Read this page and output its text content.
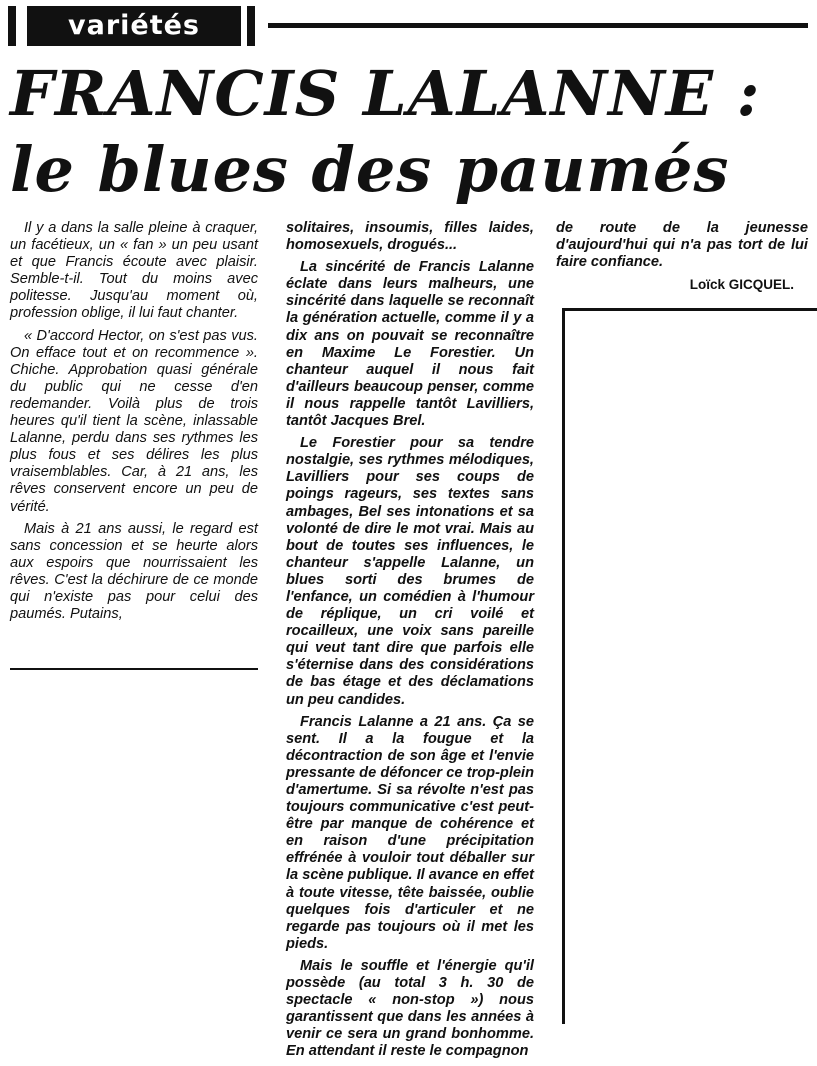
variétés
FRANCIS LALANNE :
le blues des paumés

Il y a dans la salle pleine à craquer, un facétieux, un « fan » un peu usant et que Francis écoute avec plaisir. Semble-t-il. Tout du moins avec politesse. Jusqu'au moment où, profession oblige, il lui faut chanter.

« D'accord Hector, on s'est pas vus. On efface tout et on recommence ». Chiche. Approbation quasi générale du public qui ne cesse d'en redemander. Voilà plus de trois heures qu'il tient la scène, inlassable Lalanne, perdu dans ses rythmes les plus fous et ses délires les plus vraisemblables. Car, à 21 ans, les rêves conservent encore un peu de vérité.

Mais à 21 ans aussi, le regard est sans concession et se heurte alors aux espoirs que nourrissaient les rêves. C'est la déchirure de ce monde qui n'existe pas pour celui des paumés. Putains,

solitaires, insoumis, filles laides, homosexuels, drogués...

La sincérité de Francis Lalanne éclate dans leurs malheurs, une sincérité dans laquelle se reconnaît la génération actuelle, comme il y a dix ans on pouvait se reconnaître en Maxime Le Forestier. Un chanteur auquel il nous fait d'ailleurs beaucoup penser, comme il nous rappelle tantôt Lavilliers, tantôt Jacques Brel.

Le Forestier pour sa tendre nostalgie, ses rythmes mélodiques, Lavilliers pour ses coups de poings rageurs, ses textes sans ambages, Bel ses intonations et sa volonté de dire le mot vrai. Mais au bout de toutes ses influences, le chanteur s'appelle Lalanne, un blues sorti des brumes de l'enfance, un comédien à l'humour de réplique, un cri voilé et rocailleux, une voix sans pareille qui veut tant dire que parfois elle s'éternise dans des considérations de bas étage et des déclamations un peu candides.

Francis Lalanne a 21 ans. Ça se sent. Il a la fougue et la décontraction de son âge et l'envie pressante de défoncer ce trop-plein d'amertume. Si sa révolte n'est pas toujours communicative c'est peut-être par manque de cohérence et en raison d'une précipitation effrénée à vouloir tout déballer sur la scène publique. Il avance en effet à toute vitesse, tête baissée, oublie quelques fois d'articuler et ne regarde pas toujours où il met les pieds.

Mais le souffle et l'énergie qu'il possède (au total 3 h. 30 de spectacle « non-stop ») nous garantissent que dans les années à venir ce sera un grand bonhomme. En attendant il reste le compagnon

de route de la jeunesse d'aujourd'hui qui n'a pas tort de lui faire confiance.

Loïck GICQUEL.
